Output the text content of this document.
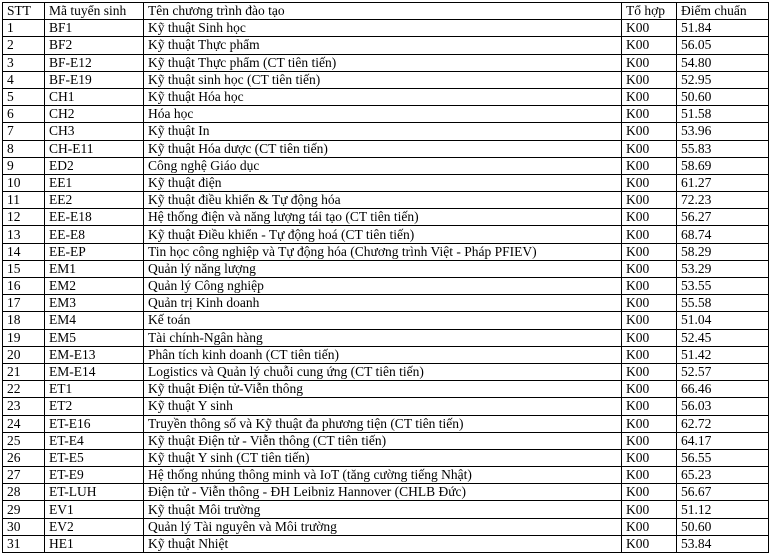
STT	Mã tuyển sinh	Tên chương trình đào tạo	Tổ hợp	Điểm chuẩn
1	BF1	Kỹ thuật Sinh học	K00	51.84
2	BF2	Kỹ thuật Thực phẩm	K00	56.05
3	BF-E12	Kỹ thuật Thực phẩm (CT tiên tiến)	K00	54.80
4	BF-E19	Kỹ thuật sinh học (CT tiên tiến)	K00	52.95
5	CH1	Kỹ thuật Hóa học	K00	50.60
6	CH2	Hóa học	K00	51.58
7	CH3	Kỹ thuật In	K00	53.96
8	CH-E11	Kỹ thuật Hóa dược (CT tiên tiến)	K00	55.83
9	ED2	Công nghệ Giáo dục	K00	58.69
10	EE1	Kỹ thuật điện	K00	61.27
11	EE2	Kỹ thuật điều khiển & Tự động hóa	K00	72.23
12	EE-E18	Hệ thống điện và năng lượng tái tạo (CT tiên tiến)	K00	56.27
13	EE-E8	Kỹ thuật Điều khiển - Tự động hoá (CT tiên tiến)	K00	68.74
14	EE-EP	Tin học công nghiệp và Tự động hóa (Chương trình Việt - Pháp PFIEV)	K00	58.29
15	EM1	Quản lý năng lượng	K00	53.29
16	EM2	Quản lý Công nghiệp	K00	53.55
17	EM3	Quản trị Kinh doanh	K00	55.58
18	EM4	Kế toán	K00	51.04
19	EM5	Tài chính-Ngân hàng	K00	52.45
20	EM-E13	Phân tích kinh doanh (CT tiên tiến)	K00	51.42
21	EM-E14	Logistics và Quản lý chuỗi cung ứng (CT tiên tiến)	K00	52.57
22	ET1	Kỹ thuật Điện tử-Viễn thông	K00	66.46
23	ET2	Kỹ thuật Y sinh	K00	56.03
24	ET-E16	Truyền thông số và Kỹ thuật đa phương tiện (CT tiên tiến)	K00	62.72
25	ET-E4	Kỹ thuật Điện tử - Viễn thông (CT tiên tiến)	K00	64.17
26	ET-E5	Kỹ thuật Y sinh (CT tiên tiến)	K00	56.55
27	ET-E9	Hệ thống nhúng thông minh và IoT (tăng cường tiếng Nhật)	K00	65.23
28	ET-LUH	Điện tử - Viễn thông - ĐH Leibniz Hannover (CHLB Đức)	K00	56.67
29	EV1	Kỹ thuật Môi trường	K00	51.12
30	EV2	Quản lý Tài nguyên và Môi trường	K00	50.60
31	HE1	Kỹ thuật Nhiệt	K00	53.84
